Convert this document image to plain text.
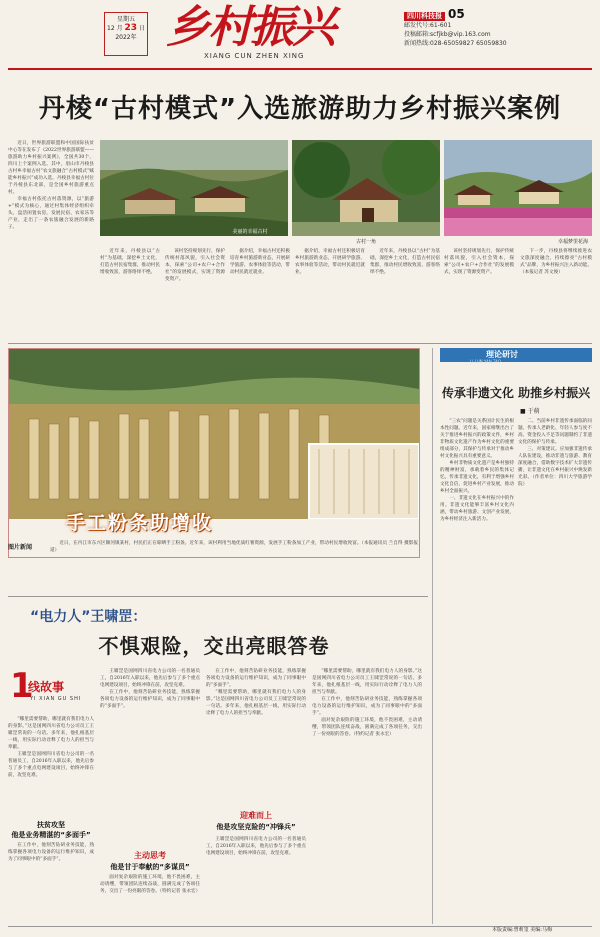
星期五
12 月 23 日
2022年 乡村振兴
XIANG CUN ZHEN XING
四川科技报 05
邮发代号:61-601
投稿邮箱:scfjkb@vip.163.com
新闻热线:028-65059827 65059830
丹棱“古村模式”入选旅游助力乡村振兴案例

近日，世界旅游联盟和中国国际扶贫中心等在发布了《2022世界旅游联盟——旅游助力乡村振兴案例》，全国共30个，四川上个案例入选。其中，眉山市丹棱县古村乡幸福古村“农文旅融合”古村模式“赋能乡村振兴”成功入选。丹棱县幸福古村位于丹棱县东北部，是全国乡村旅游重点村。

幸福古村依托古村落资源，以“旅游+”模式为核心，通过村集体经济组织牵头，盘活闲置农房，发展民宿、农家乐等产业，走出了一条农旅融合发展的新路子。

美丽的幸福古村
古村一角	幸福梦里花海

近年来，丹棱县以“古村”为基础，深挖乡土文化，打造古村民宿集群，推动村民增收致富，游客络绎不绝。

该村坚持规划先行，保护传统村落风貌，引入社会资本，探索“公司+农户+合作社”的发展模式，实现了资源变资产。

据介绍，幸福古村还积极培育乡村旅游新业态，开展研学旅游、农事体验等活动，带动村民就近就业。

据介绍，幸福古村还积极培育乡村旅游新业态，开展研学旅游、农事体验等活动，带动村民就近就业。

近年来，丹棱县以“古村”为基础，深挖乡土文化，打造古村民宿集群，推动村民增收致富，游客络绎不绝。

该村坚持规划先行，保护传统村落风貌，引入社会资本，探索“公司+农户+合作社”的发展模式，实现了资源变资产。

下一步，丹棱县将继续推进农文旅深度融合，持续擦亮“古村模式”品牌，为乡村振兴注入新动能。（本报记者 苏文俊）

手工粉条助增收
图片新闻

近日，在内江市东兴区顺河镇某村，村民们正在晾晒手工粉条。近年来，该村利用当地优质红薯资源，发展手工粉条加工产业，带动村民增收致富。（本报通讯员 兰自得 摄影报道）

理论研讨
LI LUN YAN TAO
传承非遗文化 助推乡村振兴
■ 于萌

“三农”问题是关系国计民生的根本性问题。近年来，国家相继出台了关于推进乡村振兴的政策文件，乡村非物质文化遗产作为乡村文化的重要组成部分，其保护与传承对于推动乡村文化振兴具有重要意义。

乡村非物质文化遗产是乡村独特的精神财富，承载着乡民的集体记忆。传承非遗文化，有利于增强乡村文化自信，促进乡村产业发展，推动乡村全面振兴。

一、非遗文化在乡村振兴中的作用。非遗文化能够丰富乡村文化内涵，带动乡村旅游、文创产业发展，为乡村经济注入新活力。

二、当前乡村非遗传承面临的问题。传承人老龄化、年轻人参与度不高、资金投入不足等问题制约了非遗文化的保护与传承。

三、对策建议。应加强非遗传承人队伍建设，推动非遗与旅游、教育深度融合，借助数字技术扩大非遗传播，让非遗文化在乡村振兴中焕发新光彩。（作者单位：四川大学旅游学院）

“电力人”王啸罡：
不惧艰险，交出亮眼答卷
1
线故事
YI XIAN GU SHI

“哪里需要帮助，哪里就有我们电力人的身影。”这是国网四川省电力公司员工王啸罡常说的一句话。多年来，他扎根基层一线，用实际行动诠释了电力人的担当与奉献。

王啸罡是国网四川省电力公司的一名普通员工，自2016年入职以来，他先后参与了多个重点电网建设项目，始终冲锋在前，攻坚克难。

扶贫攻坚
他是业务精湛的“多面手”

在工作中，他刻苦钻研业务技能，熟练掌握各项电力设备的运行维护知识，成为了同事眼中的“多面手”。

王啸罡是国网四川省电力公司的一名普通员工，自2016年入职以来，他先后参与了多个重点电网建设项目，始终冲锋在前，攻坚克难。

在工作中，他刻苦钻研业务技能，熟练掌握各项电力设备的运行维护知识，成为了同事眼中的“多面手”。

主动思考
他是甘于奉献的“多谋员”

面对复杂艰险的施工环境，他不畏困难，主动请缨，带领团队连续奋战，圆满完成了各项任务，交出了一份亮眼的答卷。（特约记者 张永宏）

在工作中，他刻苦钻研业务技能，熟练掌握各项电力设备的运行维护知识，成为了同事眼中的“多面手”。

“哪里需要帮助，哪里就有我们电力人的身影。”这是国网四川省电力公司员工王啸罡常说的一句话。多年来，他扎根基层一线，用实际行动诠释了电力人的担当与奉献。

迎难而上
他是攻坚克险的“冲锋兵”

王啸罡是国网四川省电力公司的一名普通员工，自2016年入职以来，他先后参与了多个重点电网建设项目，始终冲锋在前，攻坚克难。

“哪里需要帮助，哪里就有我们电力人的身影。”这是国网四川省电力公司员工王啸罡常说的一句话。多年来，他扎根基层一线，用实际行动诠释了电力人的担当与奉献。

在工作中，他刻苦钻研业务技能，熟练掌握各项电力设备的运行维护知识，成为了同事眼中的“多面手”。

面对复杂艰险的施工环境，他不畏困难，主动请缨，带领团队连续奋战，圆满完成了各项任务，交出了一份亮眼的答卷。（特约记者 张永宏）

本版责编:曾莉玺 美编:马梅
